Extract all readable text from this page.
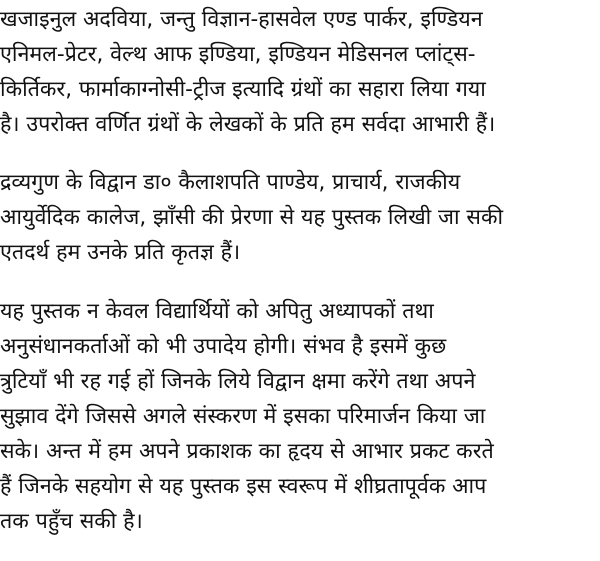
खजाइनुल अदविया, जन्तु विज्ञान-हासवेल एण्ड पार्कर, इण्डियन
एनिमल-प्रेटर, वेल्थ आफ इण्डिया, इण्डियन मेडिसनल प्लांट्स-
किर्तिकर, फार्माकाग्नोसी-ट्रीज इत्यादि ग्रंथों का सहारा लिया गया
है। उपरोक्त वर्णित ग्रंथों के लेखकों के प्रति हम सर्वदा आभारी हैं।
द्रव्यगुण के विद्वान डा० कैलाशपति पाण्डेय, प्राचार्य, राजकीय
आयुर्वेदिक कालेज, झाँसी की प्रेरणा से यह पुस्तक लिखी जा सकी
एतदर्थ हम उनके प्रति कृतज्ञ हैं।
यह पुस्तक न केवल विद्यार्थियों को अपितु अध्यापकों तथा
अनुसंधानकर्ताओं को भी उपादेय होगी। संभव है इसमें कुछ
त्रुटियाँ भी रह गई हों जिनके लिये विद्वान क्षमा करेंगे तथा अपने
सुझाव देंगे जिससे अगले संस्करण में इसका परिमार्जन किया जा
सके। अन्त में हम अपने प्रकाशक का हृदय से आभार प्रकट करते
हैं जिनके सहयोग से यह पुस्तक इस स्वरूप में शीघ्रतापूर्वक आप
तक पहुँच सकी है।
